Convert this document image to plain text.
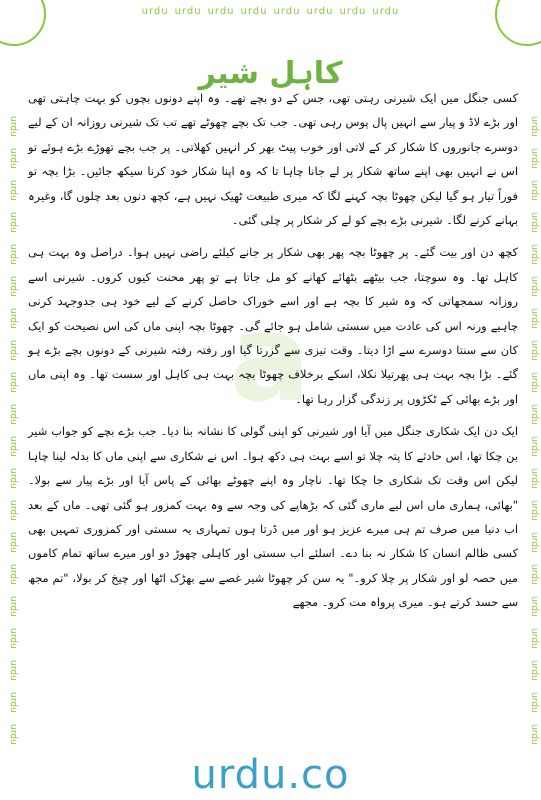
urdu urdu urdu urdu urdu urdu urdu urdu
urdu
urdu
urdu
urdu
urdu
urdu
urdu
urdu
urdu
urdu
urdu
urdu
urdu
urdu
urdu
urdu
urdu
urdu
urdu
urdu
urdu
urdu
urdu
urdu
urdu
urdu
urdu
urdu
urdu
urdu
urdu
urdu
urdu
urdu
urdu
urdu
urdu
urdu
urdu
urdu
a
کاہل شیر

کسی جنگل میں ایک شیرنی رہتی تھی، جس کے دو بچے تھے۔ وہ اپنے دونوں بچوں کو بہت چاہتی تھی اور بڑے لاڈ و پیار سے انہیں پال پوس رہی تھی۔ جب تک بچے چھوٹے تھے تب تک شیرنی روزانہ ان کے لیے دوسرے جانوروں کا شکار کر کے لاتی اور خوب پیٹ بھر کر انہیں کھلاتی۔ پر جب بچے تھوڑے بڑے ہوئے تو اس نے انہیں بھی اپنے ساتھ شکار پر لے جانا چاہا تا کہ وہ اپنا شکار خود کرنا سیکھ جائیں۔ بڑا بچہ تو فوراً تیار ہو گیا لیکن چھوٹا بچہ کہنے لگا کہ میری طبیعت ٹھیک نہیں ہے، کچھ دنوں بعد چلوں گا، وغیرہ بہانے کرنے لگا۔ شیرنی بڑے بچے کو لے کر شکار پر چلی گئی۔

کچھ دن اور بیت گئے۔ پر چھوٹا بچہ پھر بھی شکار پر جانے کیلئے راضی نہیں ہوا۔ دراصل وہ بہت ہی کاہل تھا۔ وہ سوچتا، جب بیٹھے بٹھائے کھانے کو مل جاتا ہے تو پھر محنت کیوں کروں۔ شیرنی اسے روزانہ سمجھاتی کہ وہ شیر کا بچہ ہے اور اسے خوراک حاصل کرنے کے لیے خود ہی جدوجہد کرنی چاہیے ورنہ اس کی عادت میں سستی شامل ہو جائے گی۔ چھوٹا بچہ اپنی ماں کی اس نصیحت کو ایک کان سے سنتا دوسرے سے اڑا دیتا۔ وقت تیزی سے گزرتا گیا اور رفتہ رفتہ شیرنی کے دونوں بچے بڑے ہو گئے۔ بڑا بچہ بہت ہی پھرتیلا نکلا، اسکے برخلاف چھوٹا بچہ بہت ہی کاہل اور سست تھا۔ وہ اپنی ماں اور بڑے بھائی کے ٹکڑوں پر زندگی گزار رہا تھا۔

ایک دن ایک شکاری جنگل میں آیا اور شیرنی کو اپنی گولی کا نشانہ بنا دیا۔ جب بڑے بچے کو جواب شیر بن چکا تھا، اس حادثے کا پتہ چلا تو اسے بہت ہی دکھ ہوا۔ اس نے شکاری سے اپنی ماں کا بدلہ لینا چاہا لیکن اس وقت تک شکاری جا چکا تھا۔ ناچار وہ اپنے چھوٹے بھائی کے پاس آیا اور بڑے پیار سے بولا۔ "بھائی، ہماری ماں اس لیے ماری گئی کہ بڑھاپے کی وجہ سے وہ بہت کمزور ہو گئی تھی۔ ماں کے بعد اب دنیا میں صرف تم ہی میرے عزیز ہو اور میں ڈرتا ہوں تمہاری یہ سستی اور کمزوری تمہیں بھی کسی ظالم انسان کا شکار نہ بنا دے۔ اسلئے اب سستی اور کاہلی چھوڑ دو اور میرے ساتھ تمام کاموں میں حصہ لو اور شکار پر چلا کرو۔" یہ سن کر چھوٹا شیر غصے سے بھڑک اٹھا اور چیخ کر بولا، "تم مجھ سے حسد کرتے ہو۔ میری پرواہ مت کرو۔ مجھے

urdu.co
